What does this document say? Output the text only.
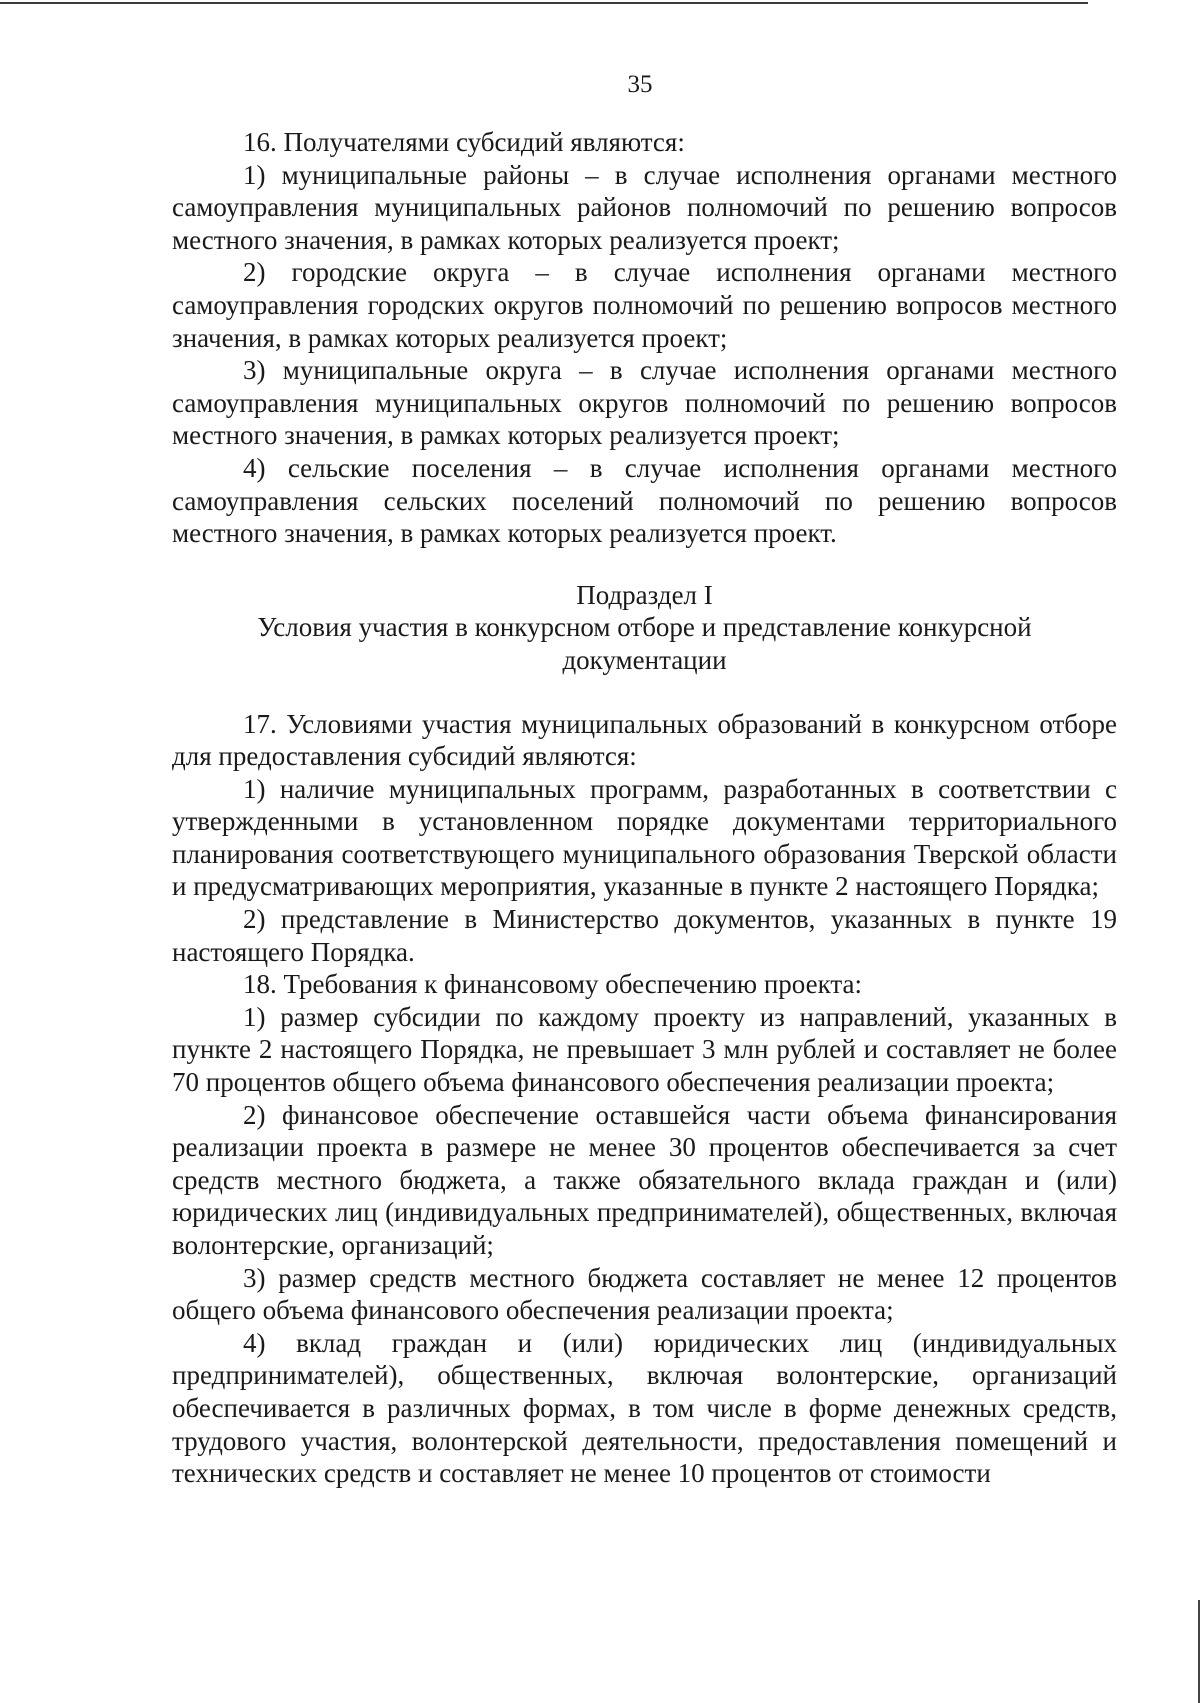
35

16. Получателями субсидий являются:

1) муниципальные районы – в случае исполнения органами местного самоуправления муниципальных районов полномочий по решению вопросов местного значения, в рамках которых реализуется проект;

2) городские округа – в случае исполнения органами местного самоуправления городских округов полномочий по решению вопросов местного значения, в рамках которых реализуется проект;

3) муниципальные округа – в случае исполнения органами местного самоуправления муниципальных округов полномочий по решению вопросов местного значения, в рамках которых реализуется проект;

4) сельские поселения – в случае исполнения органами местного самоуправления сельских поселений полномочий по решению вопросов местного значения, в рамках которых реализуется проект.

Подраздел I

Условия участия в конкурсном отборе и представление конкурсной

документации

17. Условиями участия муниципальных образований в конкурсном отборе для предоставления субсидий являются:

1) наличие муниципальных программ, разработанных в соответствии с утвержденными в установленном порядке документами территориального планирования соответствующего муниципального образования Тверской области и предусматривающих мероприятия, указанные в пункте 2 настоящего Порядка;

2) представление в Министерство документов, указанных в пункте 19 настоящего Порядка.

18. Требования к финансовому обеспечению проекта:

1) размер субсидии по каждому проекту из направлений, указанных в пункте 2 настоящего Порядка, не превышает 3 млн рублей и составляет не более 70 процентов общего объема финансового обеспечения реализации проекта;

2) финансовое обеспечение оставшейся части объема финансирования реализации проекта в размере не менее 30 процентов обеспечивается за счет средств местного бюджета, а также обязательного вклада граждан и (или) юридических лиц (индивидуальных предпринимателей), общественных, включая волонтерские, организаций;

3) размер средств местного бюджета составляет не менее 12 процентов общего объема финансового обеспечения реализации проекта;

4) вклад граждан и (или) юридических лиц (индивидуальных предпринимателей), общественных, включая волонтерские, организаций обеспечивается в различных формах, в том числе в форме денежных средств, трудового участия, волонтерской деятельности, предоставления помещений и технических средств и составляет не менее 10 процентов от стоимости
